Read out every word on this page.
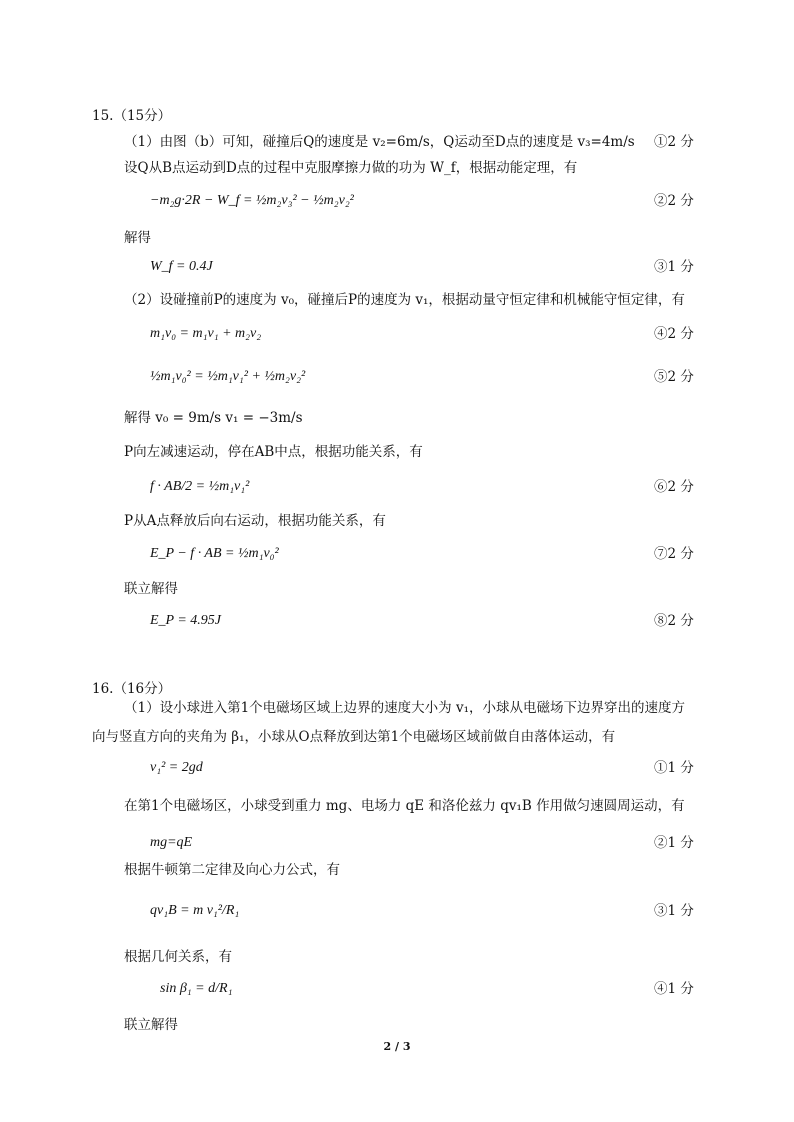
15.（15分）
（1）由图（b）可知，碰撞后Q的速度是 v₂=6m/s，Q运动至D点的速度是 v₃=4m/s ①2 分
设Q从B点运动到D点的过程中克服摩擦力做的功为 W_f，根据动能定理，有
−m₂g·2R − W_f = ½m₂v₃² − ½m₂v₂²	②2 分
解得
W_f = 0.4J	③1 分
（2）设碰撞前P的速度为 v₀，碰撞后P的速度为 v₁，根据动量守恒定律和机械能守恒定律，有
m₁v₀ = m₁v₁ + m₂v₂	④2 分
½m₁v₀² = ½m₁v₁² + ½m₂v₂²	⑤2 分
解得 v₀ = 9m/s v₁ = −3m/s
P向左减速运动，停在AB中点，根据功能关系，有
f · AB/2 = ½m₁v₁²	⑥2 分
P从A点释放后向右运动，根据功能关系，有
E_P − f · AB = ½m₁v₀²	⑦2 分
联立解得
E_P = 4.95J	⑧2 分
16.（16分）
（1）设小球进入第1个电磁场区域上边界的速度大小为 v₁，小球从电磁场下边界穿出的速度方
向与竖直方向的夹角为 β₁，小球从O点释放到达第1个电磁场区域前做自由落体运动，有
v₁² = 2gd	①1 分
在第1个电磁场区，小球受到重力 mg、电场力 qE 和洛伦兹力 qv₁B 作用做匀速圆周运动，有
mg=qE	②1 分
根据牛顿第二定律及向心力公式，有
qv₁B = m v₁²/R₁	③1 分
根据几何关系，有
sin β₁ = d/R₁	④1 分
联立解得
2 / 3
